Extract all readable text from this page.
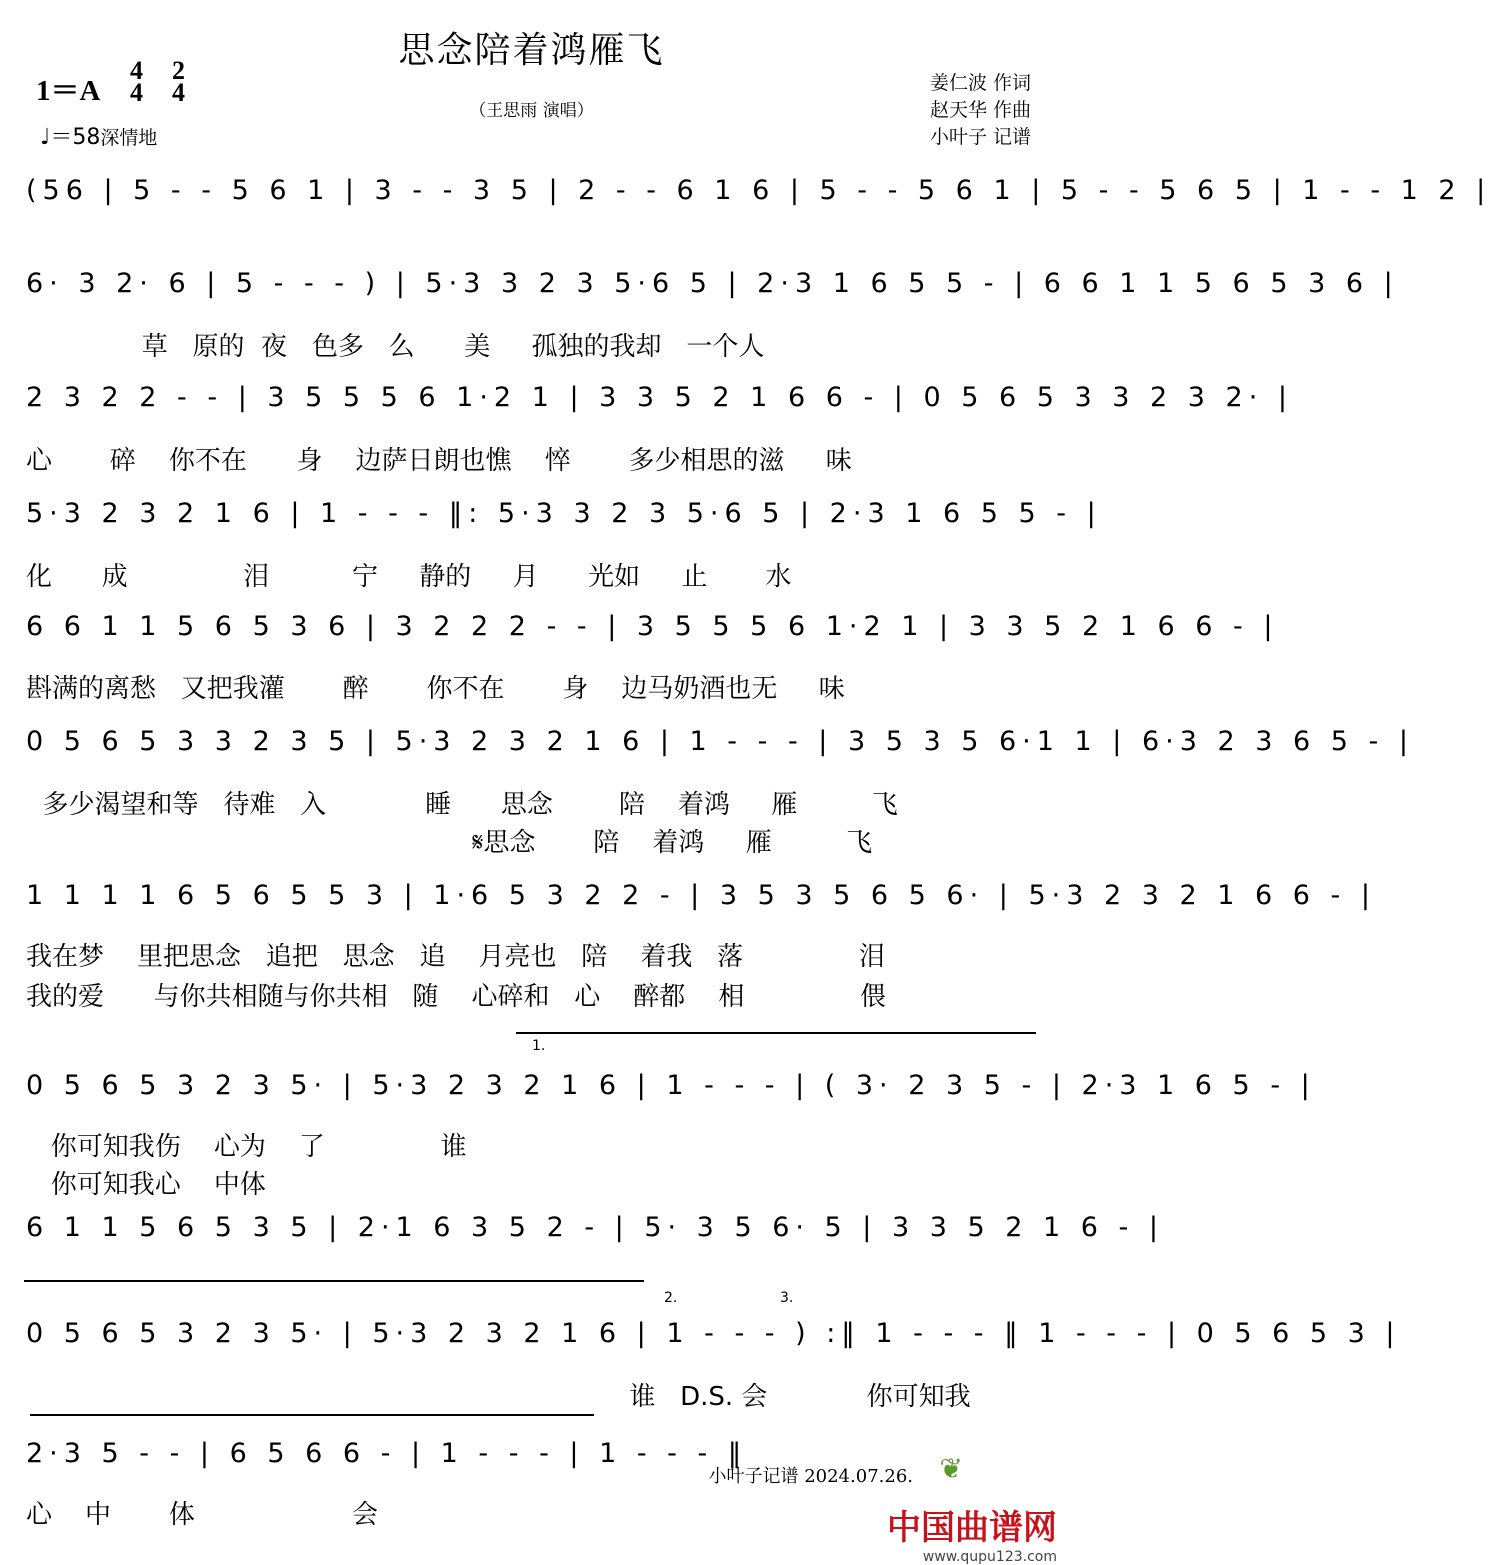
思念陪着鸿雁飞
（王思雨 演唱）
1＝A
4
4
2
4
♩＝58深情地
姜仁波 作词
赵天华 作曲
小叶子 记谱
(56 | 5 - - 5 6 1 | 3 - - 3 5 | 2 - - 6 1 6 | 5 - - 5 6 1 | 5 - - 5 6 5 | 1 - - 1 2 |
6· 3 2· 6 | 5 - - - ) | 5·3 3 2 3 5·6 5 | 2·3 1 6 5 5 - | 6 6 1 1 5 6 5 3 6 |
草   原的  夜   色多   么      美     孤独的我却   一个人
2 3 2 2 - - | 3 5 5 5 6 1·2 1 | 3 3 5 2 1 6 6 - | 0 5 6 5 3 3 2 3 2· |
心       碎    你不在      身    边萨日朗也憔    悴       多少相思的滋     味
5·3 2 3 2 1 6 | 1 - - - ‖: 5·3 3 2 3 5·6 5 | 2·3 1 6 5 5 - |
化      成              泪          宁     静的     月      光如     止       水
6 6 1 1 5 6 5 3 6 | 3 2 2 2 - - | 3 5 5 5 6 1·2 1 | 3 3 5 2 1 6 6 - |
斟满的离愁   又把我灌       醉       你不在       身    边马奶酒也无     味
0 5 6 5 3 3 2 3 5 | 5·3 2 3 2 1 6 | 1 - - - | 3 5 3 5 6·1 1 | 6·3 2 3 6 5 - |
多少渴望和等   待难   入            睡      思念        陪    着鸿     雁         飞
𝄋思念       陪    着鸿     雁         飞
1 1 1 1 6 5 6 5 5 3 | 1·6 5 3 2 2 - | 3 5 3 5 6 5 6· | 5·3 2 3 2 1 6 6 - |
我在梦    里把思念   追把   思念   追    月亮也   陪    着我   落              泪
我的爱      与你共相随与你共相   随    心碎和   心    醉都    相              偎
1.
0 5 6 5 3 2 3 5· | 5·3 2 3 2 1 6 | 1 - - - | ( 3· 2 3 5 - | 2·3 1 6 5 - |
你可知我伤    心为    了              谁
你可知我心    中体
6 1 1 5 6 5 3 5 | 2·1 6 3 5 2 - | 5· 3 5 6· 5 | 3 3 5 2 1 6 - |
2.	3.
0 5 6 5 3 2 3 5· | 5·3 2 3 2 1 6 | 1 - - - ) :‖ 1 - - - ‖ 1 - - - | 0 5 6 5 3 |
谁   D.S. 会            你可知我
2·3 5 - - | 6 5 6 6 - | 1 - - - | 1 - - - ‖
心    中       体                   会
小叶子记谱 2024.07.26. ❦
中国曲谱网
www.qupu123.com
